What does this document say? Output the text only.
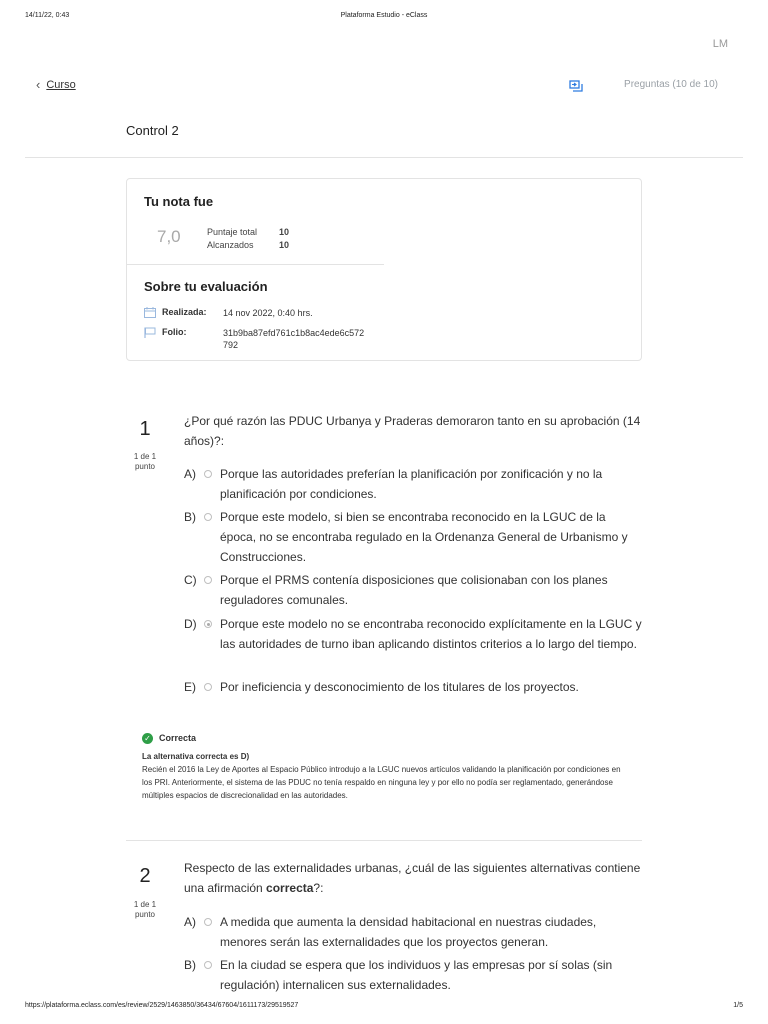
14/11/22, 0:43	Plataforma Estudio - eClass
LM
‹ Curso	Preguntas (10 de 10)
Control 2
Tu nota fue
7,0	Puntaje total	10
Alcanzados	10
Sobre tu evaluación
Realizada:	14 nov 2022, 0:40 hrs.
Folio:	31b9ba87efd761c1b8ac4ede6c572792
1
1 de 1 punto
¿Por qué razón las PDUC Urbanya y Praderas demoraron tanto en su aprobación (14 años)?:
A)	Porque las autoridades preferían la planificación por zonificación y no la planificación por condiciones.
B)	Porque este modelo, si bien se encontraba reconocido en la LGUC de la época, no se encontraba regulado en la Ordenanza General de Urbanismo y Construcciones.
C)	Porque el PRMS contenía disposiciones que colisionaban con los planes reguladores comunales.
D)	Porque este modelo no se encontraba reconocido explícitamente en la LGUC y las autoridades de turno iban aplicando distintos criterios a lo largo del tiempo.
E)	Por ineficiencia y desconocimiento de los titulares de los proyectos.
✓ Correcta
La alternativa correcta es D)
Recién el 2016 la Ley de Aportes al Espacio Público introdujo a la LGUC nuevos artículos validando la planificación por condiciones en los PRI. Anteriormente, el sistema de las PDUC no tenía respaldo en ninguna ley y por ello no podía ser reglamentado, generándose múltiples espacios de discrecionalidad en las autoridades.
2
1 de 1 punto
Respecto de las externalidades urbanas, ¿cuál de las siguientes alternativas contiene una afirmación correcta?:
A)	A medida que aumenta la densidad habitacional en nuestras ciudades, menores serán las externalidades que los proyectos generan.
B)	En la ciudad se espera que los individuos y las empresas por sí solas (sin regulación) internalicen sus externalidades.
https://plataforma.eclass.com/es/review/2529/1463850/36434/67604/1611173/29519527	1/5
